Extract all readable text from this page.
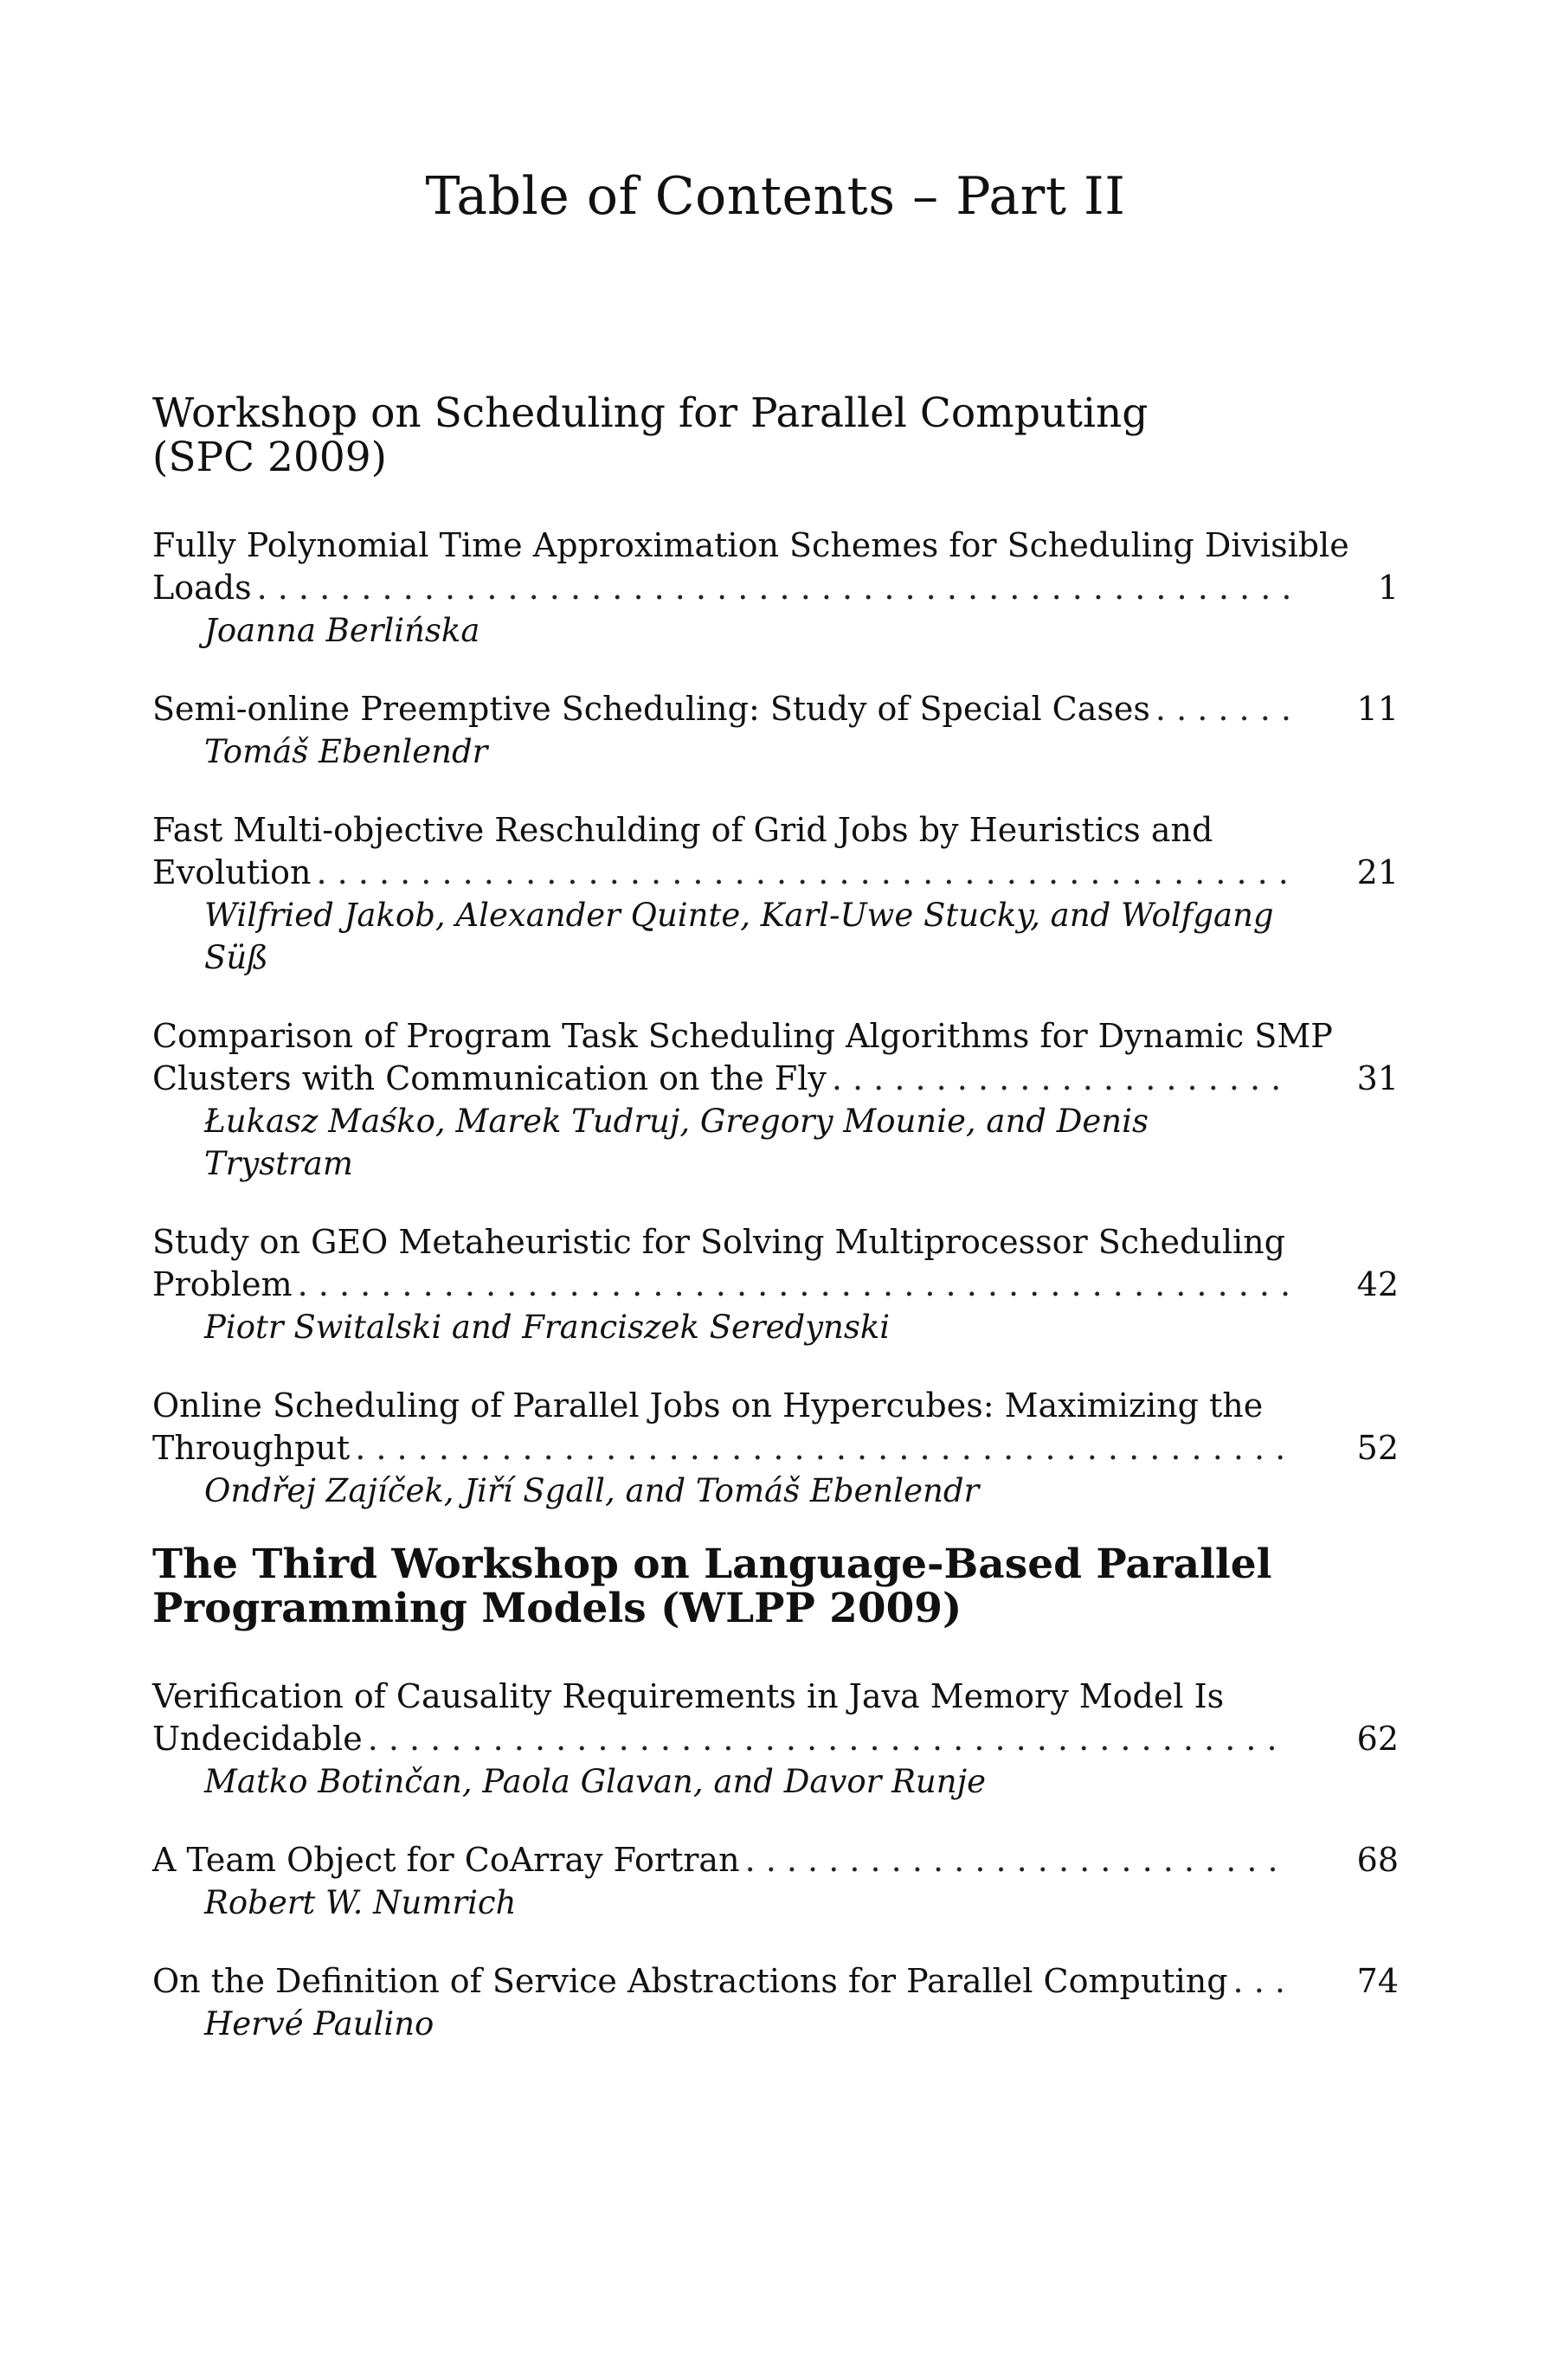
Table of Contents – Part II
Workshop on Scheduling for Parallel Computing
(SPC 2009)
Fully Polynomial Time Approximation Schemes for Scheduling Divisible
Loads . . .	1
Joanna Berlińska
Semi-online Preemptive Scheduling: Study of Special Cases . . .	11
Tomáš Ebenlendr
Fast Multi-objective Reschulding of Grid Jobs by Heuristics and
Evolution . . .	21
Wilfried Jakob, Alexander Quinte, Karl-Uwe Stucky, and Wolfgang Süß
Comparison of Program Task Scheduling Algorithms for Dynamic SMP
Clusters with Communication on the Fly . . .	31
Łukasz Maśko, Marek Tudruj, Gregory Mounie, and Denis Trystram
Study on GEO Metaheuristic for Solving Multiprocessor Scheduling
Problem . . .	42
Piotr Switalski and Franciszek Seredynski
Online Scheduling of Parallel Jobs on Hypercubes: Maximizing the
Throughput . . .	52
Ondřej Zajíček, Jiří Sgall, and Tomáš Ebenlendr
The Third Workshop on Language-Based Parallel
Programming Models (WLPP 2009)
Verification of Causality Requirements in Java Memory Model Is
Undecidable . . .	62
Matko Botinčan, Paola Glavan, and Davor Runje
A Team Object for CoArray Fortran . . .	68
Robert W. Numrich
On the Definition of Service Abstractions for Parallel Computing . . .	74
Hervé Paulino
